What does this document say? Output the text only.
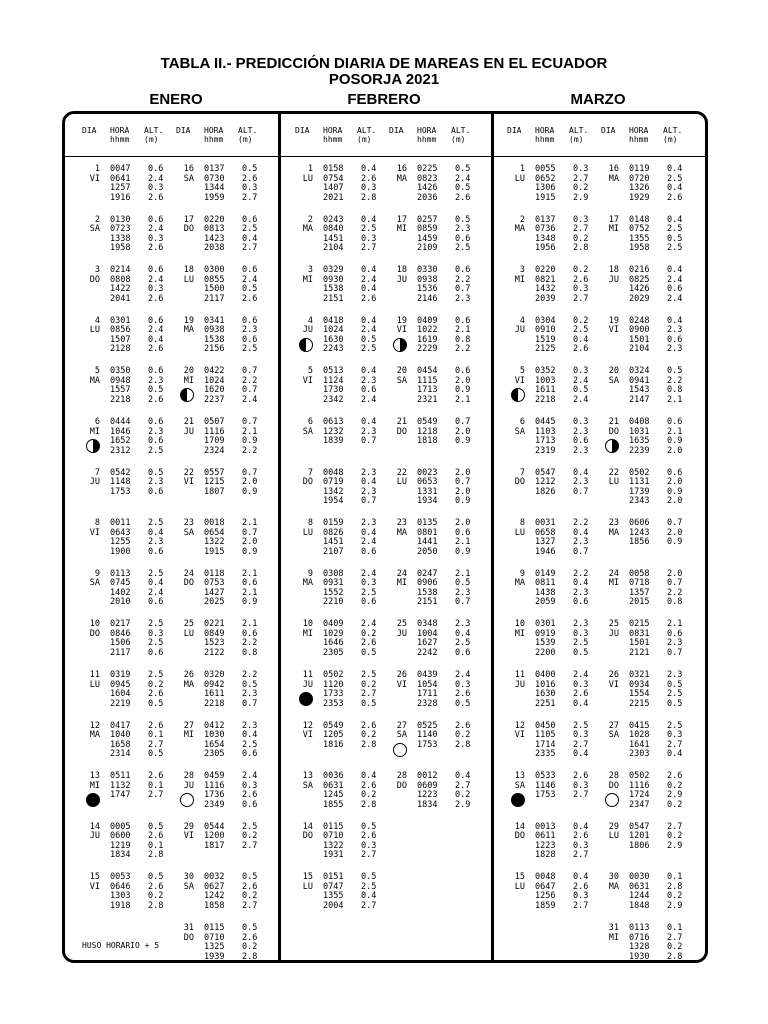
TABLA II.- PREDICCIÓN DIARIA DE MAREAS EN EL ECUADOR
POSORJA 2021
ENERO	FEBRERO	MARZO
DIA HORA
hhmm
ALT.
(m)
DIA HORA
hhmm
ALT.
(m)
DIA HORA
hhmm
ALT.
(m)
DIA HORA
hhmm
ALT.
(m)
DIA HORA
hhmm
ALT.
(m)
DIA HORA
hhmm
ALT.
(m)
1
VI
0047 0.6
0641 2.4
1257 0.3
1916 2.6
2
SA
0130 0.6
0723 2.4
1338 0.3
1958 2.6
3
DO
0214 0.6
0808 2.4
1422 0.3
2041 2.6
4
LU
0301 0.6
0856 2.4
1507 0.4
2128 2.6
5
MA
0350 0.6
0948 2.3
1557 0.5
2218 2.6
6
MI
0444 0.6
1046 2.3
1652 0.6
2312 2.5
7
JU
0542 0.5
1148 2.3
1753 0.6
8
VI
0011 2.5
0643 0.4
1255 2.3
1900 0.6
9
SA
0113 2.5
0745 0.4
1402 2.4
2010 0.6
10
DO
0217 2.5
0846 0.3
1506 2.5
2117 0.6
11
LU
0319 2.5
0945 0.2
1604 2.6
2219 0.5
12
MA
0417 2.6
1040 0.1
1658 2.7
2314 0.5
13
MI
0511 2.6
1132 0.1
1747 2.7
14
JU
0005 0.5
0600 2.6
1219 0.1
1834 2.8
15
VI
0053 0.5
0646 2.6
1303 0.2
1918 2.8
16
SA
0137 0.5
0730 2.6
1344 0.3
1959 2.7
17
DO
0220 0.6
0813 2.5
1423 0.4
2038 2.7
18
LU
0300 0.6
0855 2.4
1500 0.5
2117 2.6
19
MA
0341 0.6
0938 2.3
1538 0.6
2156 2.5
20
MI
0422 0.7
1024 2.2
1620 0.7
2237 2.4
21
JU
0507 0.7
1116 2.1
1709 0.9
2324 2.2
22
VI
0557 0.7
1215 2.0
1807 0.9
23
SA
0018 2.1
0654 0.7
1322 2.0
1915 0.9
24
DO
0118 2.1
0753 0.6
1427 2.1
2025 0.9
25
LU
0221 2.1
0849 0.6
1523 2.2
2122 0.8
26
MA
0320 2.2
0942 0.5
1611 2.3
2218 0.7
27
MI
0412 2.3
1030 0.4
1654 2.5
2305 0.6
28
JU
0459 2.4
1116 0.3
1736 2.6
2349 0.6
29
VI
0544 2.5
1200 0.2
1817 2.7
30
SA
0032 0.5
0627 2.6
1242 0.2
1858 2.7
31
DO
0115 0.5
0710 2.6
1325 0.2
1939 2.8
1
LU
0158 0.4
0754 2.6
1407 0.3
2021 2.8
2
MA
0243 0.4
0840 2.5
1451 0.3
2104 2.7
3
MI
0329 0.4
0930 2.4
1538 0.4
2151 2.6
4
JU
0418 0.4
1024 2.4
1630 0.5
2243 2.5
5
VI
0513 0.4
1124 2.3
1730 0.6
2342 2.4
6
SA
0613 0.4
1232 2.3
1839 0.7
7
DO
0048 2.3
0719 0.4
1342 2.3
1954 0.7
8
LU
0159 2.3
0826 0.4
1451 2.4
2107 0.6
9
MA
0308 2.4
0931 0.3
1552 2.5
2210 0.6
10
MI
0409 2.4
1029 0.2
1646 2.6
2305 0.5
11
JU
0502 2.5
1120 0.2
1733 2.7
2353 0.5
12
VI
0549 2.6
1205 0.2
1816 2.8
13
SA
0036 0.4
0631 2.6
1245 0.2
1855 2.8
14
DO
0115 0.5
0710 2.6
1322 0.3
1931 2.7
15
LU
0151 0.5
0747 2.5
1355 0.4
2004 2.7
16
MA
0225 0.5
0823 2.4
1426 0.5
2036 2.6
17
MI
0257 0.5
0859 2.3
1459 0.6
2109 2.5
18
JU
0330 0.6
0938 2.2
1536 0.7
2146 2.3
19
VI
0409 0.6
1022 2.1
1619 0.8
2229 2.2
20
SA
0454 0.6
1115 2.0
1713 0.9
2321 2.1
21
DO
0549 0.7
1218 2.0
1818 0.9
22
LU
0023 2.0
0653 0.7
1331 2.0
1934 0.9
23
MA
0135 2.0
0801 0.6
1441 2.1
2050 0.9
24
MI
0247 2.1
0906 0.5
1538 2.3
2151 0.7
25
JU
0348 2.3
1004 0.4
1627 2.5
2242 0.6
26
VI
0439 2.4
1054 0.3
1711 2.6
2328 0.5
27
SA
0525 2.6
1140 0.2
1753 2.8
28
DO
0012 0.4
0609 2.7
1223 0.2
1834 2.9
1
LU
0055 0.3
0652 2.7
1306 0.2
1915 2.9
2
MA
0137 0.3
0736 2.7
1348 0.2
1956 2.8
3
MI
0220 0.2
0821 2.6
1432 0.3
2039 2.7
4
JU
0304 0.2
0910 2.5
1519 0.4
2125 2.6
5
VI
0352 0.3
1003 2.4
1611 0.5
2218 2.4
6
SA
0445 0.3
1103 2.3
1713 0.6
2319 2.3
7
DO
0547 0.4
1212 2.3
1826 0.7
8
LU
0031 2.2
0658 0.4
1327 2.3
1946 0.7
9
MA
0149 2.2
0811 0.4
1438 2.3
2059 0.6
10
MI
0301 2.3
0919 0.3
1539 2.5
2200 0.5
11
JU
0400 2.4
1016 0.3
1630 2.6
2251 0.4
12
VI
0450 2.5
1105 0.3
1714 2.7
2335 0.4
13
SA
0533 2.6
1146 0.3
1753 2.7
14
DO
0013 0.4
0611 2.6
1223 0.3
1828 2.7
15
LU
0048 0.4
0647 2.6
1256 0.3
1859 2.7
16
MA
0119 0.4
0720 2.5
1326 0.4
1929 2.6
17
MI
0148 0.4
0752 2.5
1355 0.5
1958 2.5
18
JU
0216 0.4
0825 2.4
1426 0.6
2029 2.4
19
VI
0248 0.4
0900 2.3
1501 0.6
2104 2.3
20
SA
0324 0.5
0941 2.2
1543 0.8
2147 2.1
21
DO
0408 0.6
1031 2.1
1635 0.9
2239 2.0
22
LU
0502 0.6
1131 2.0
1739 0.9
2343 2.0
23
MA
0606 0.7
1243 2.0
1856 0.9
24
MI
0058 2.0
0718 0.7
1357 2.2
2015 0.8
25
JU
0215 2.1
0831 0.6
1501 2.3
2121 0.7
26
VI
0321 2.3
0934 0.5
1554 2.5
2215 0.5
27
SA
0415 2.5
1028 0.3
1641 2.7
2303 0.4
28
DO
0502 2.6
1116 0.2
1724 2.9
2347 0.2
29
LU
0547 2.7
1201 0.2
1806 2.9
30
MA
0030 0.1
0631 2.8
1244 0.2
1848 2.9
31
MI
0113 0.1
0716 2.7
1328 0.2
1930 2.8
HUSO HORARIO + 5
